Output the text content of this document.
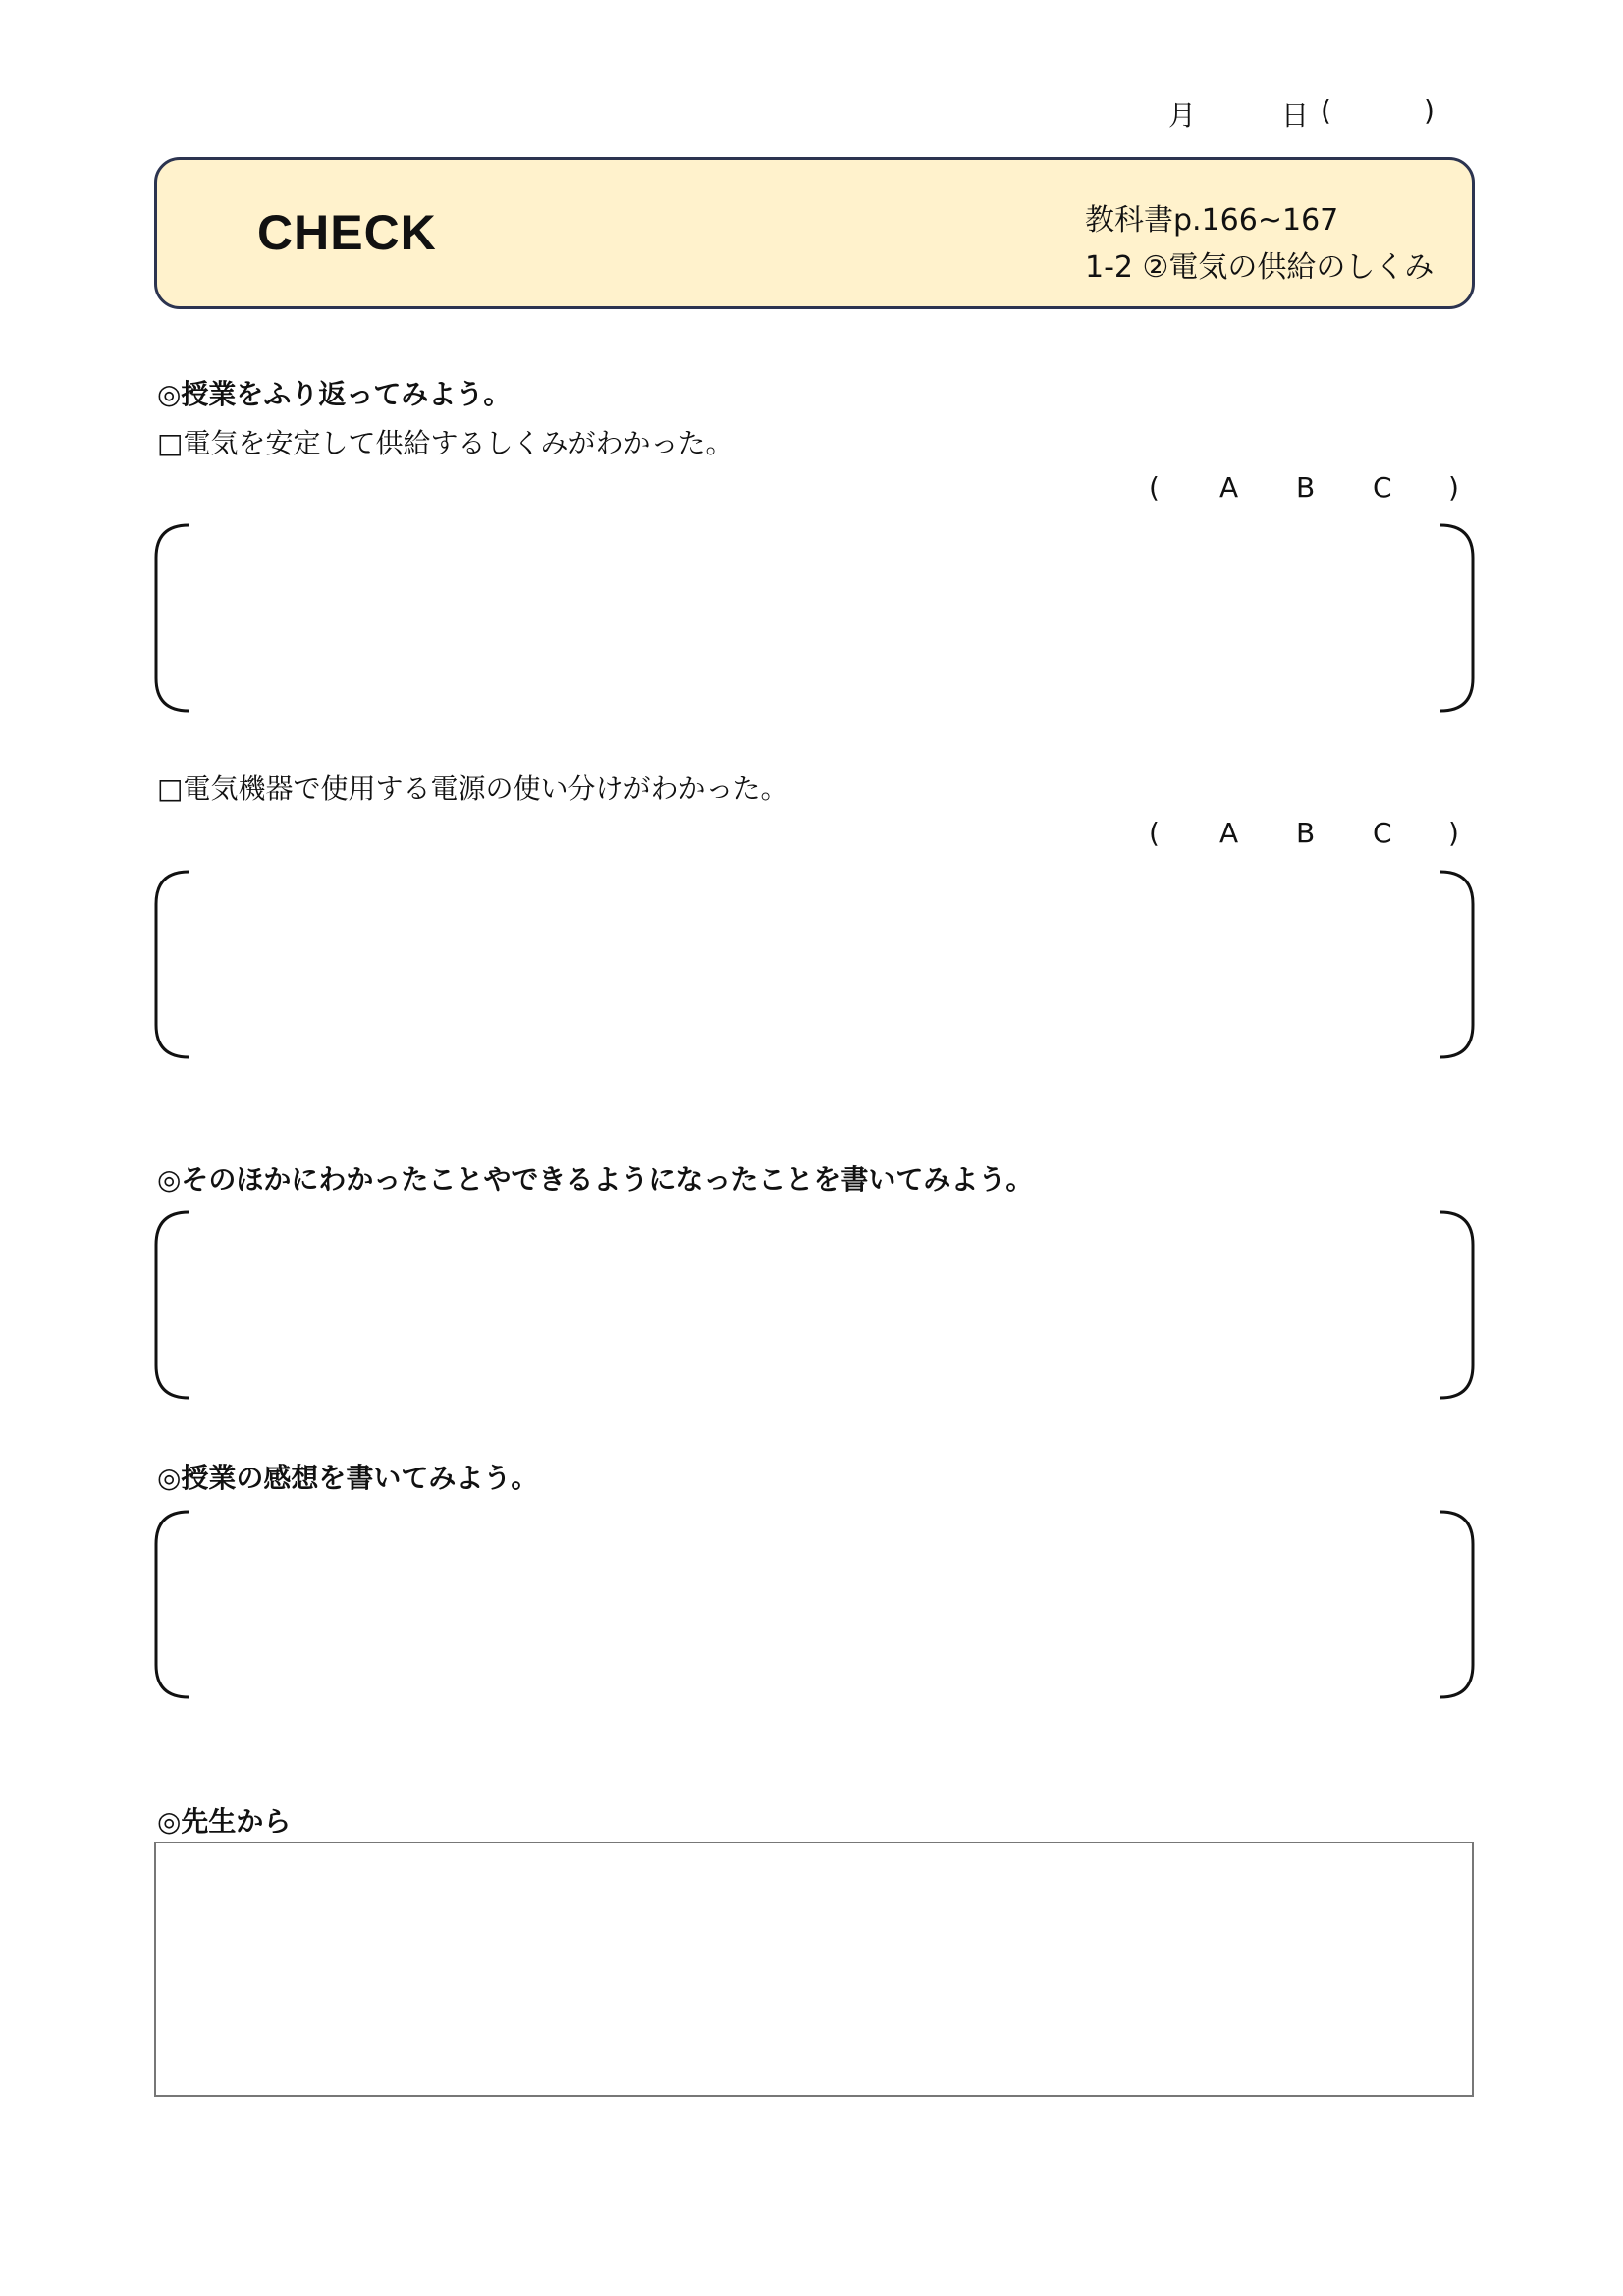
月	日 (	)
CHECK	教科書p.166~167
1-2 ②電気の供給のしくみ
◎授業をふり返ってみよう。
□電気を安定して供給するしくみがわかった。
( A B C )
□電気機器で使用する電源の使い分けがわかった。
( A B C )
◎そのほかにわかったことやできるようになったことを書いてみよう。
◎授業の感想を書いてみよう。
◎先生から
